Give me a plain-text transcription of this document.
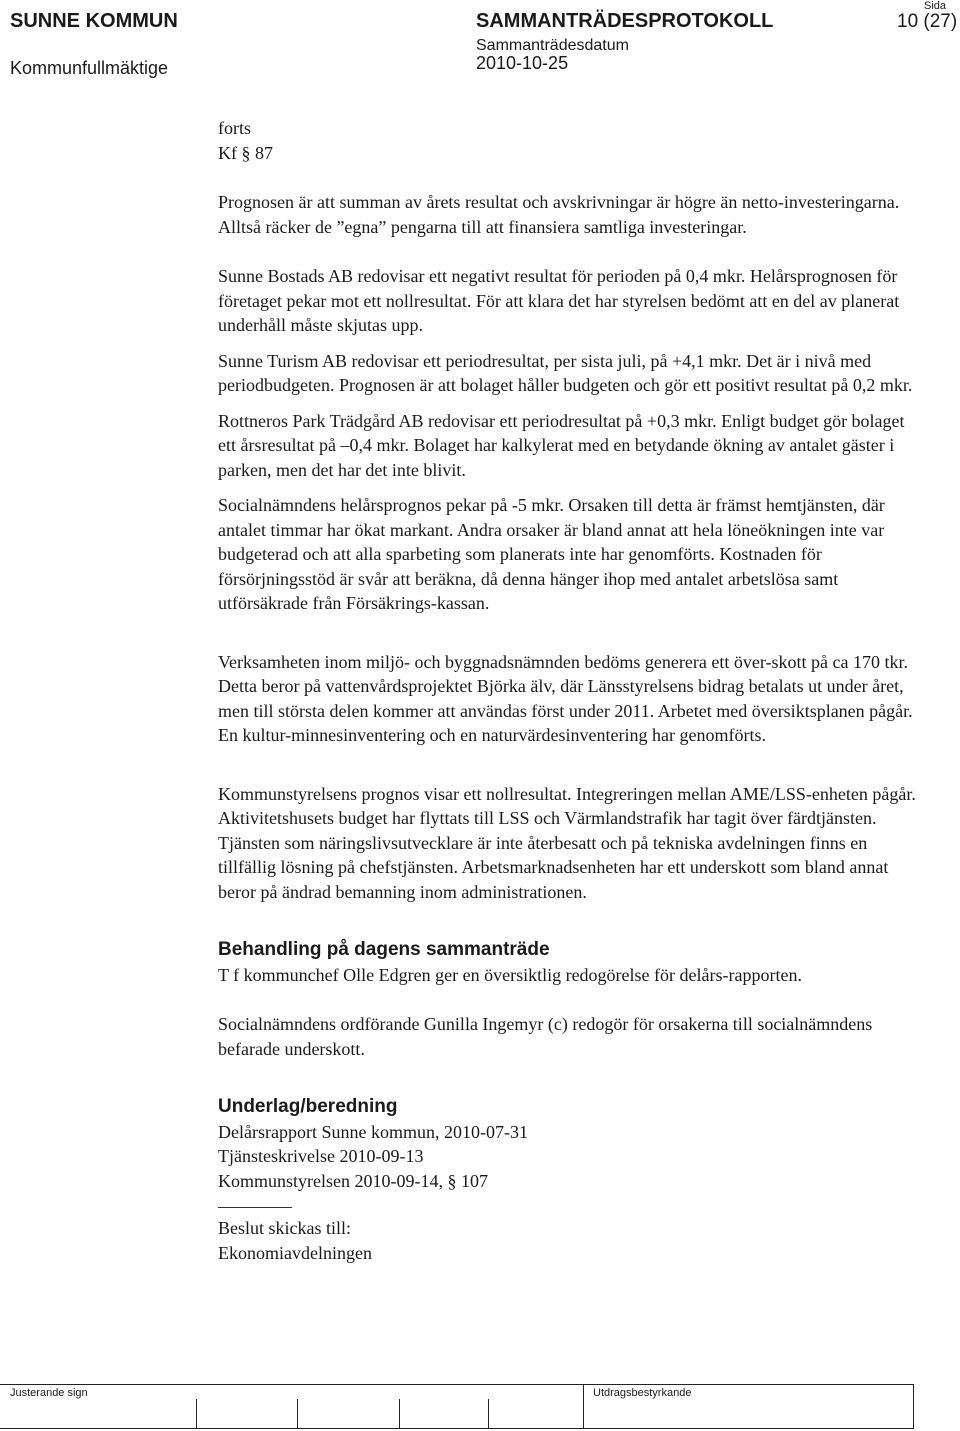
SUNNE KOMMUN
Kommunfullmäktige
SAMMANTRÄDESPROTOKOLL
Sammanträdesdatum
2010-10-25
Sida
10 (27)

forts

Kf § 87

Prognosen är att summan av årets resultat och avskrivningar är högre än netto-investeringarna. Alltså räcker de ”egna” pengarna till att finansiera samtliga investeringar.

Sunne Bostads AB redovisar ett negativt resultat för perioden på 0,4 mkr. Helårsprognosen för företaget pekar mot ett nollresultat. För att klara det har styrelsen bedömt att en del av planerat underhåll måste skjutas upp.

Sunne Turism AB redovisar ett periodresultat, per sista juli, på +4,1 mkr. Det är i nivå med periodbudgeten. Prognosen är att bolaget håller budgeten och gör ett positivt resultat på 0,2 mkr.

Rottneros Park Trädgård AB redovisar ett periodresultat på +0,3 mkr. Enligt budget gör bolaget ett årsresultat på –0,4 mkr. Bolaget har kalkylerat med en betydande ökning av antalet gäster i parken, men det har det inte blivit.

Socialnämndens helårsprognos pekar på -5 mkr. Orsaken till detta är främst hemtjänsten, där antalet timmar har ökat markant. Andra orsaker är bland annat att hela löneökningen inte var budgeterad och att alla sparbeting som planerats inte har genomförts. Kostnaden för försörjningsstöd är svår att beräkna, då denna hänger ihop med antalet arbetslösa samt utförsäkrade från Försäkrings-kassan.

Verksamheten inom miljö- och byggnadsnämnden bedöms generera ett över-skott på ca 170 tkr. Detta beror på vattenvårdsprojektet Björka älv, där Länsstyrelsens bidrag betalats ut under året, men till största delen kommer att användas först under 2011. Arbetet med översiktsplanen pågår. En kultur-minnesinventering och en naturvärdesinventering har genomförts.

Kommunstyrelsens prognos visar ett nollresultat. Integreringen mellan AME/LSS-enheten pågår. Aktivitetshusets budget har flyttats till LSS och Värmlandstrafik har tagit över färdtjänsten. Tjänsten som näringslivsutvecklare är inte återbesatt och på tekniska avdelningen finns en tillfällig lösning på chefstjänsten. Arbetsmarknadsenheten har ett underskott som bland annat beror på ändrad bemanning inom administrationen.

Behandling på dagens sammanträde

T f kommunchef Olle Edgren ger en översiktlig redogörelse för delårs-rapporten.

Socialnämndens ordförande Gunilla Ingemyr (c) redogör för orsakerna till socialnämndens befarade underskott.

Underlag/beredning

Delårsrapport Sunne kommun, 2010-07-31

Tjänsteskrivelse 2010-09-13

Kommunstyrelsen 2010-09-14, § 107

Beslut skickas till:

Ekonomiavdelningen

Justerande sign	Utdragsbestyrkande
